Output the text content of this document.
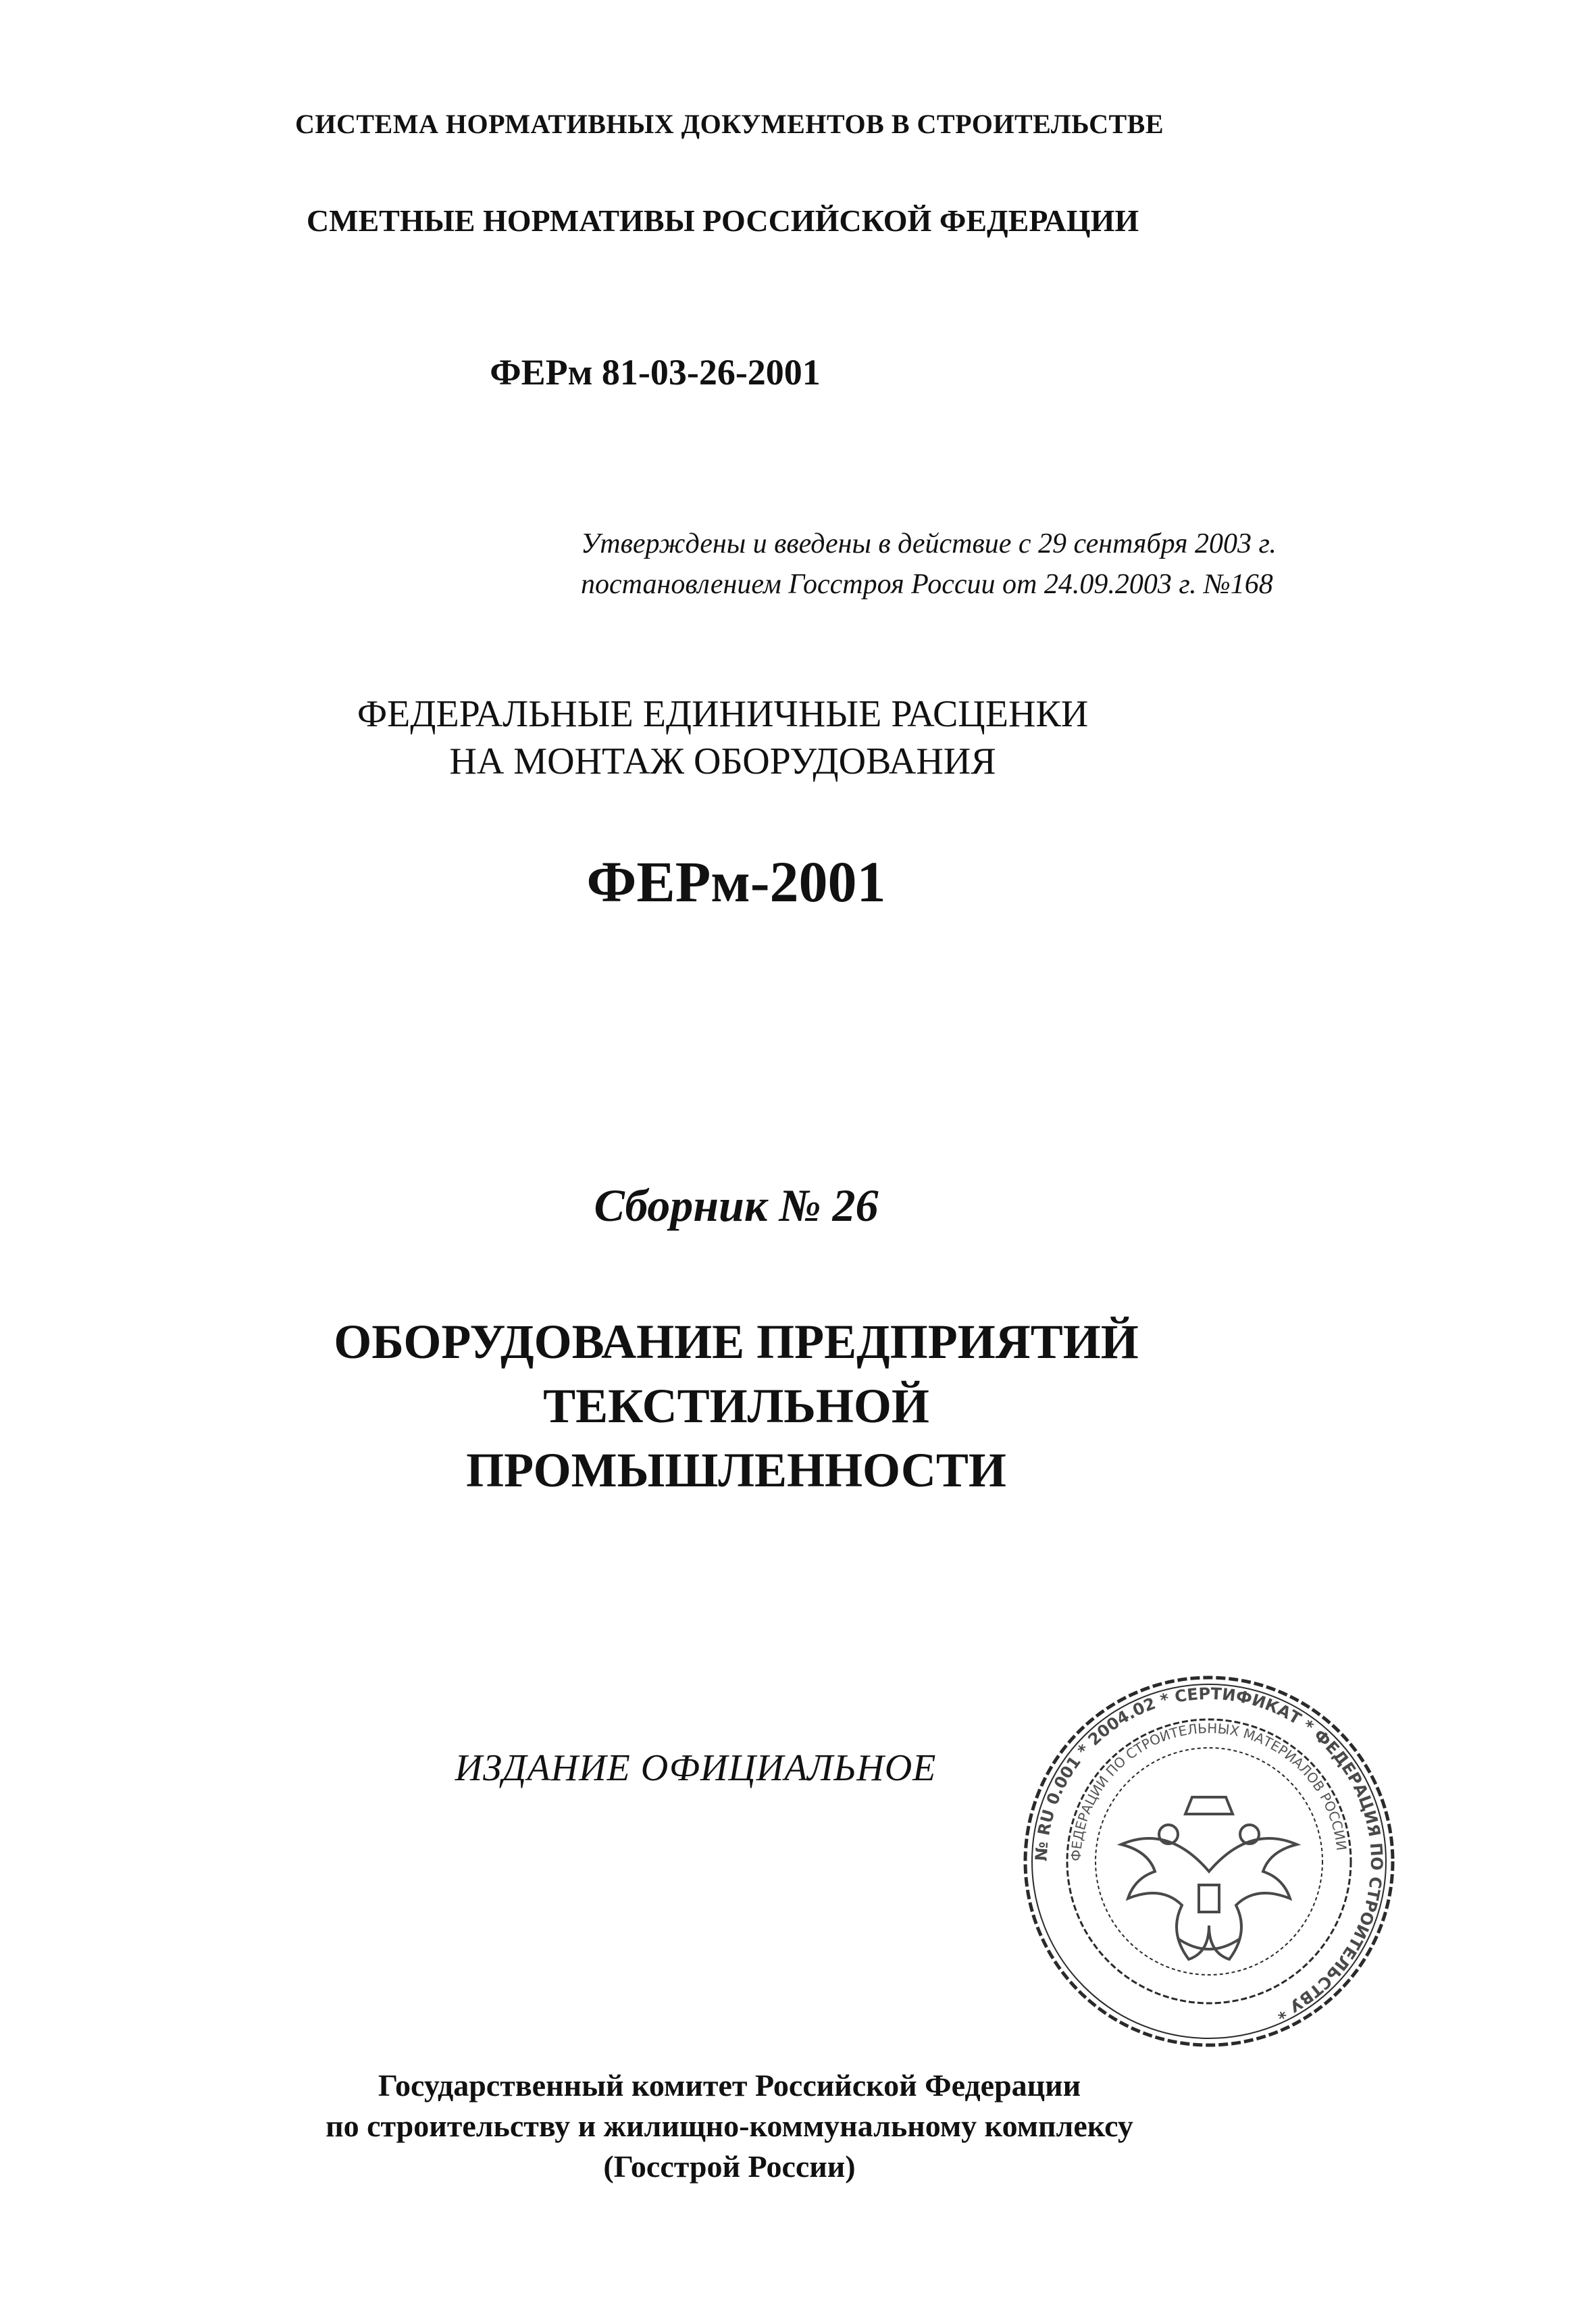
СИСТЕМА НОРМАТИВНЫХ ДОКУМЕНТОВ В СТРОИТЕЛЬСТВЕ
СМЕТНЫЕ НОРМАТИВЫ РОССИЙСКОЙ ФЕДЕРАЦИИ
ФЕРм 81-03-26-2001
Утверждены и введены в действие с 29 сентября 2003 г.
постановлением Госстроя России от 24.09.2003 г. №168
ФЕДЕРАЛЬНЫЕ ЕДИНИЧНЫЕ РАСЦЕНКИ
НА МОНТАЖ ОБОРУДОВАНИЯ
ФЕРм-2001
Сборник № 26
ОБОРУДОВАНИЕ ПРЕДПРИЯТИЙ
ТЕКСТИЛЬНОЙ
ПРОМЫШЛЕННОСТИ
ИЗДАНИЕ ОФИЦИАЛЬНОЕ
№ RU 0.001 * 2004.02 * СЕРТИФИКАТ * ФЕДЕРАЦИЯ ПО СТРОИТЕЛЬСТВУ *
ФЕДЕРАЦИИ ПО СТРОИТЕЛЬНЫХ МАТЕРИАЛОВ РОССИИ
Государственный комитет Российской Федерации
по строительству и жилищно-коммунальному комплексу
(Госстрой России)
